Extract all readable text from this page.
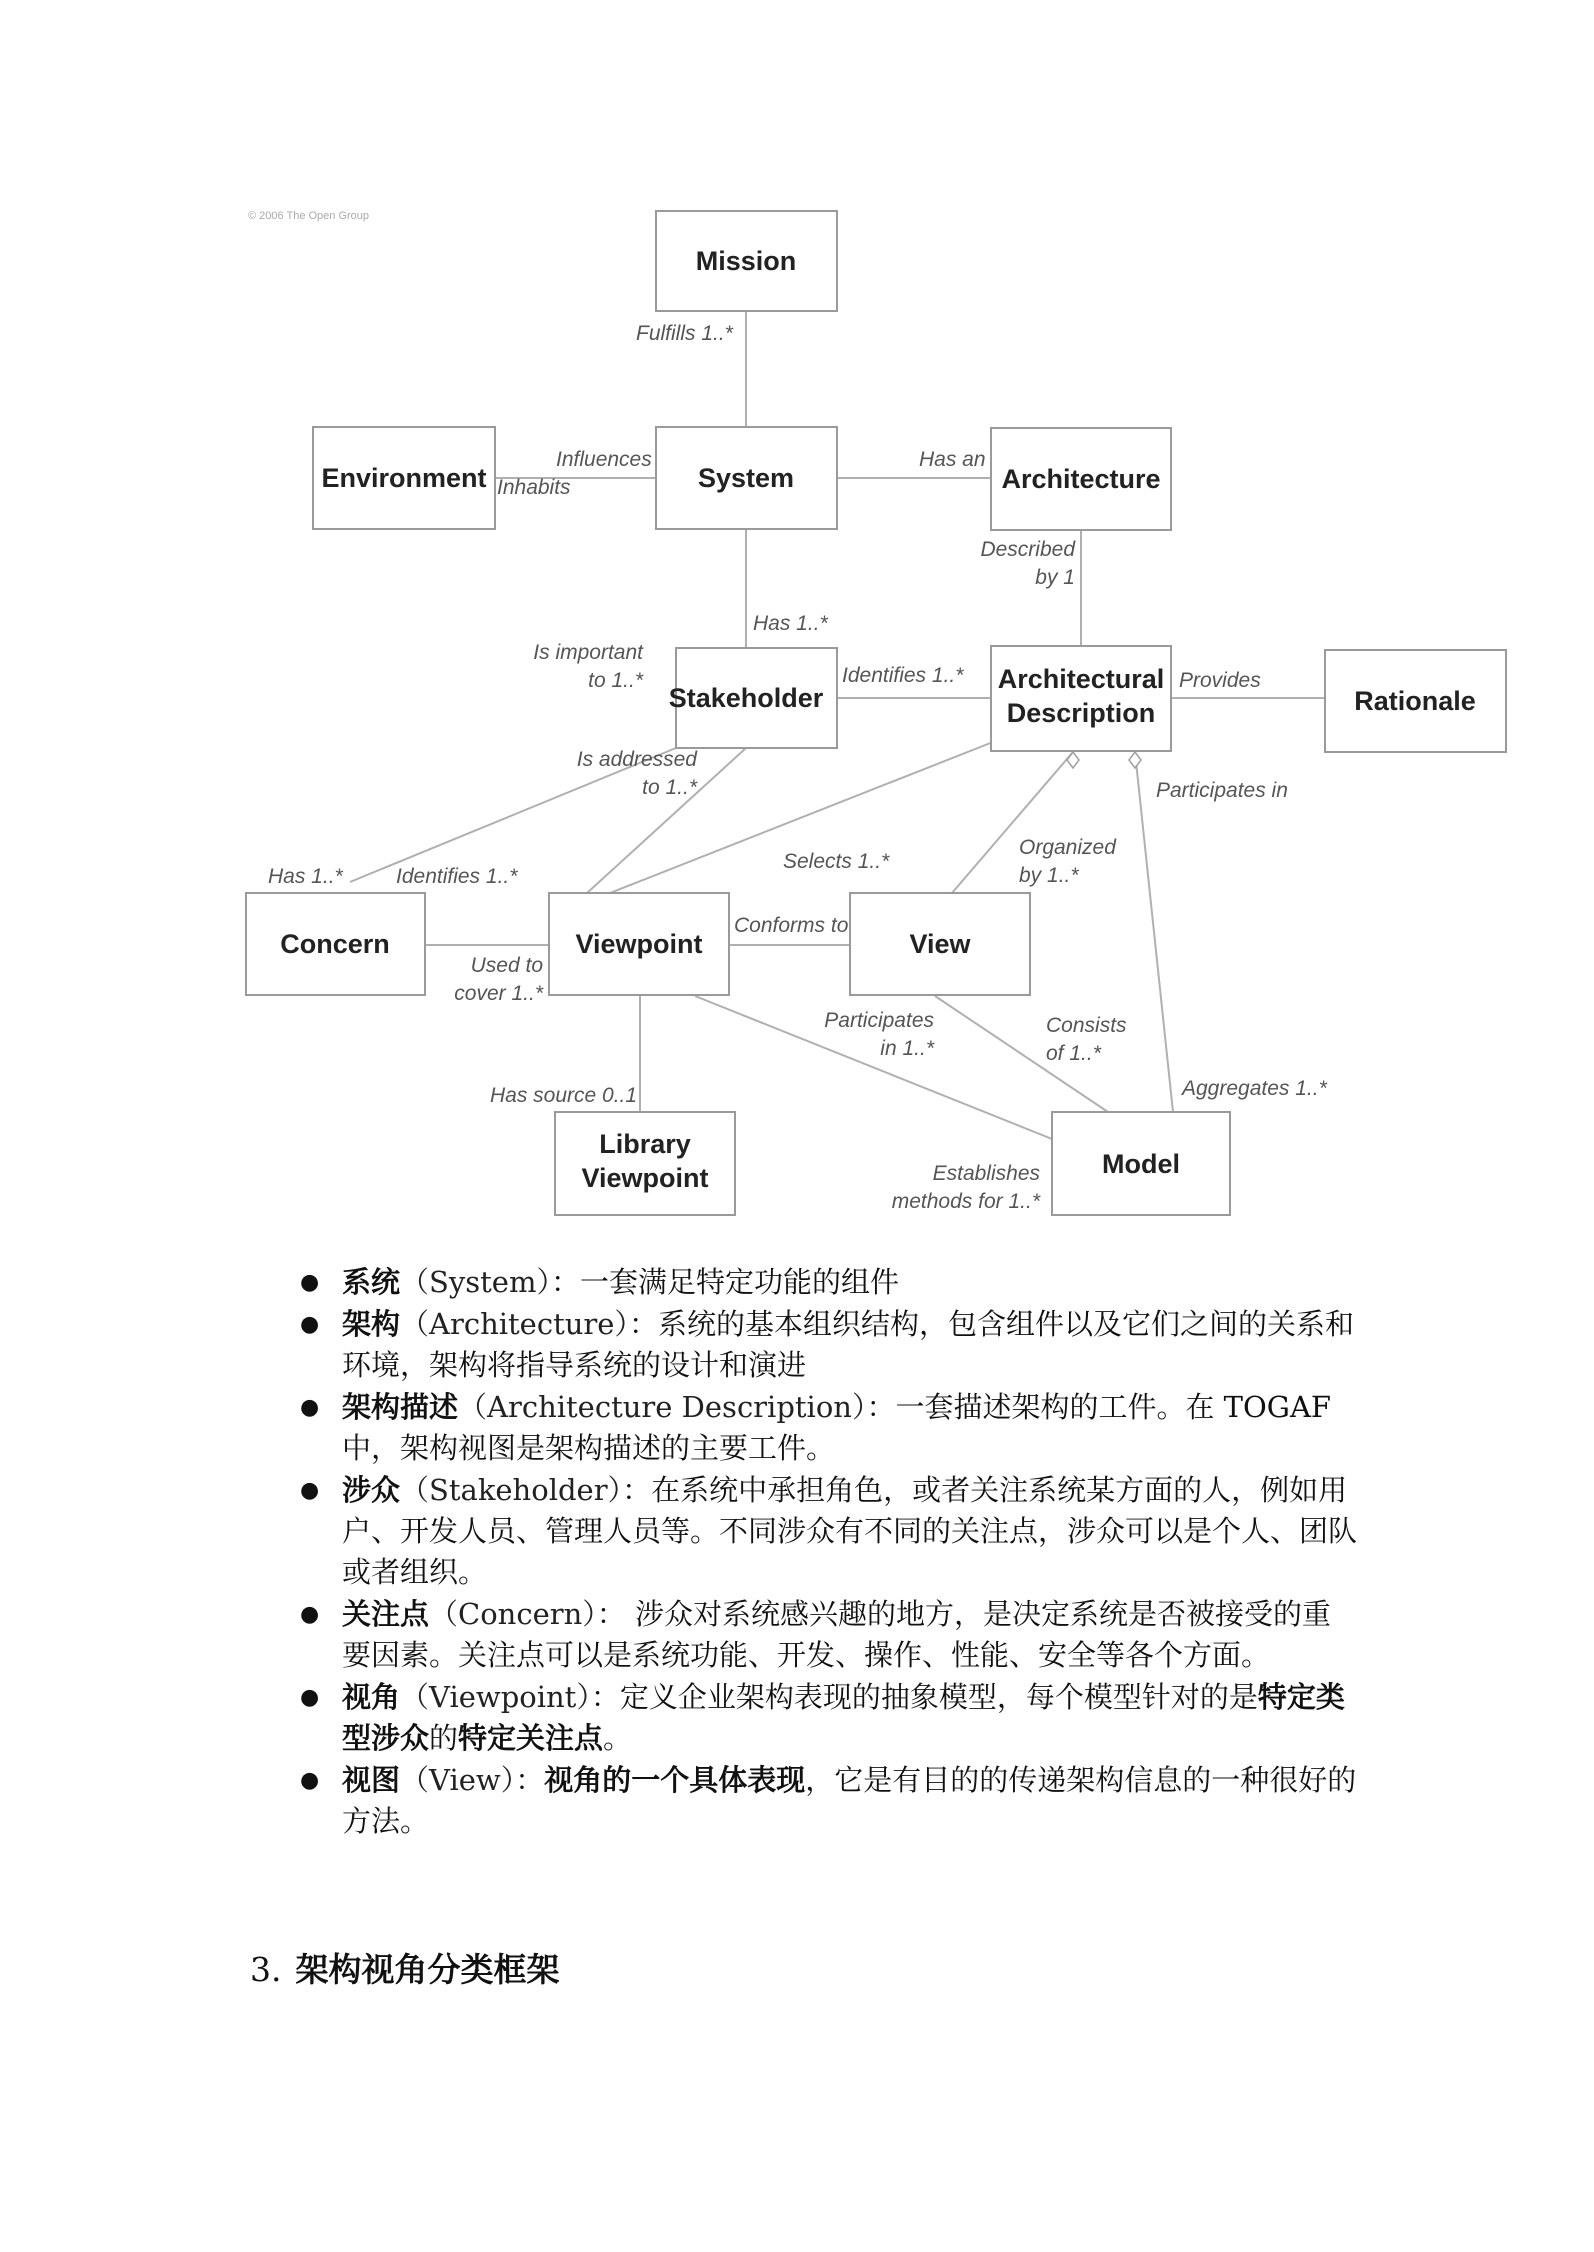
© 2006 The Open Group
Mission
Environment	System	Architecture
Stakeholder
Architectural
Description	Rationale
Concern	Viewpoint	View
Library
Viewpoint	Model
Fulfills 1..*
Influences
Inhabits
Has an
Described
by 1
Has 1..*
Is important
to 1..*	Identifies 1..*	Provides
Is addressed
to 1..*	Participates in
Has 1..*	Identifies 1..*
Selects 1..*
Organized
by 1..*
Conforms to
Used to
cover 1..*
Participates
in 1..*
Consists
of 1..*
Has source 0..1	Aggregates 1..*
Establishes
methods for 1..*
● 系统（System）：一套满足特定功能的组件
● 架构（Architecture）：系统的基本组织结构，包含组件以及它们之间的关系和环境，架构将指导系统的设计和演进
● 架构描述（Architecture Description）：一套描述架构的工件。在 TOGAF 中，架构视图是架构描述的主要工件。
● 涉众（Stakeholder）：在系统中承担角色，或者关注系统某方面的人，例如用户、开发人员、管理人员等。不同涉众有不同的关注点，涉众可以是个人、团队或者组织。
● 关注点（Concern）： 涉众对系统感兴趣的地方，是决定系统是否被接受的重要因素。关注点可以是系统功能、开发、操作、性能、安全等各个方面。
● 视角（Viewpoint）：定义企业架构表现的抽象模型，每个模型针对的是特定类型涉众的特定关注点。
● 视图（View）：视角的一个具体表现，它是有目的的传递架构信息的一种很好的方法。
3. 架构视角分类框架
